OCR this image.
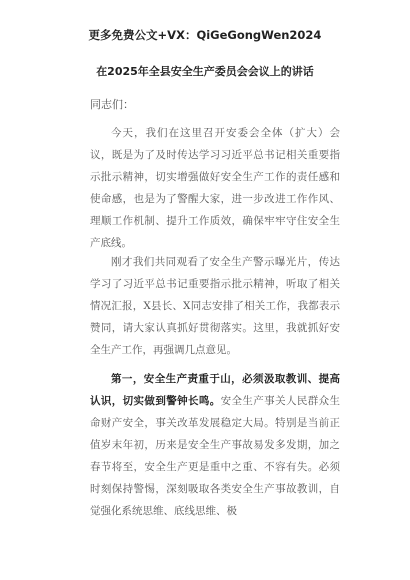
更多免费公文+VX：QiGeGongWen2024
在2025年全县安全生产委员会会议上的讲话
同志们：

今天，我们在这里召开安委会全体（扩大）会议，既是为了及时传达学习习近平总书记相关重要指示批示精神，切实增强做好安全生产工作的责任感和使命感，也是为了警醒大家，进一步改进工作作风、理顺工作机制、提升工作质效，确保牢牢守住安全生产底线。

刚才我们共同观看了安全生产警示曝光片，传达学习了习近平总书记重要指示批示精神，听取了相关情况汇报，X县长、X同志安排了相关工作，我都表示赞同，请大家认真抓好贯彻落实。这里，我就抓好安全生产工作，再强调几点意见。

第一，安全生产责重于山，必须汲取教训、提高认识，切实做到警钟长鸣。安全生产事关人民群众生命财产安全，事关改革发展稳定大局。特别是当前正值岁末年初，历来是安全生产事故易发多发期，加之春节将至，安全生产更是重中之重、不容有失。必须时刻保持警惕，深刻吸取各类安全生产事故教训，自觉强化系统思维、底线思维、极
